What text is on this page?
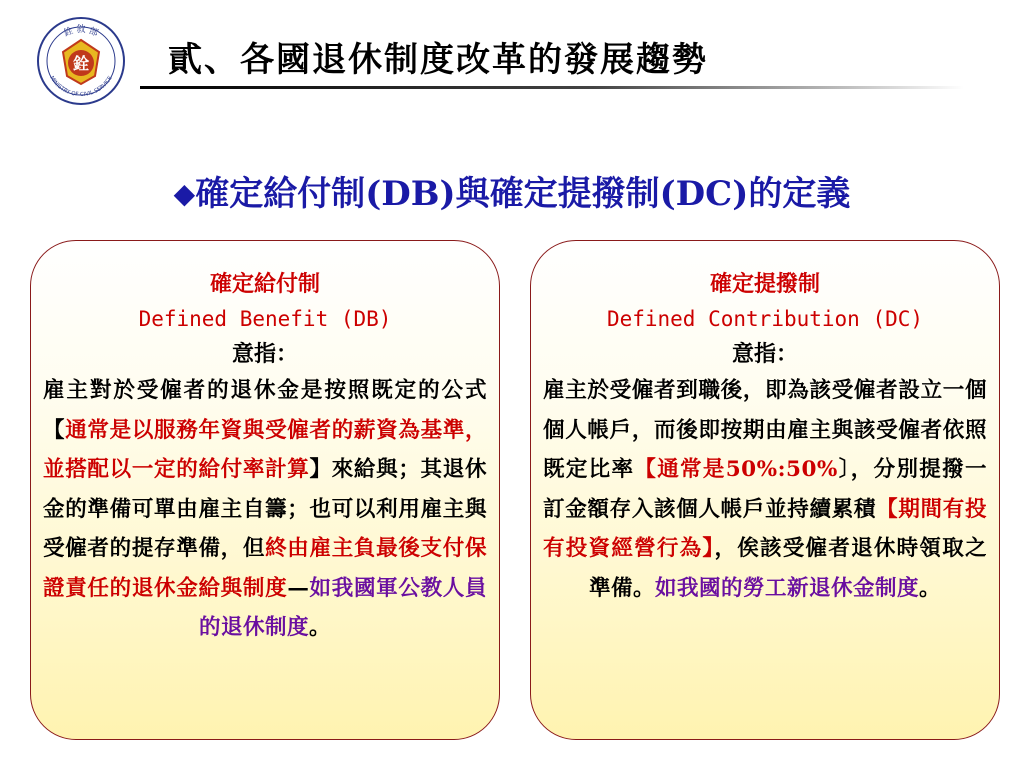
銓 敘 部
MINISTRY OF CIVIL SERVICE
銓 貳、各國退休制度改革的發展趨勢
◆確定給付制(DB)與確定提撥制(DC)的定義

確定給付制

Defined Benefit (DB)

意指：

雇主對於受僱者的退休金是按照既定的公式【通常是以服務年資與受僱者的薪資為基準，並搭配以一定的給付率計算】來給與；其退休金的準備可單由雇主自籌；也可以利用雇主與受僱者的提存準備，但終由雇主負最後支付保證責任的退休金給與制度—如我國軍公教人員的退休制度。

確定提撥制

Defined Contribution (DC)

意指：

雇主於受僱者到職後，即為該受僱者設立一個個人帳戶，而後即按期由雇主與該受僱者依照既定比率【通常是50%:50%〕，分別提撥一訂金額存入該個人帳戶並持續累積【期間有投有投資經營行為】，俟該受僱者退休時領取之準備。如我國的勞工新退休金制度。
